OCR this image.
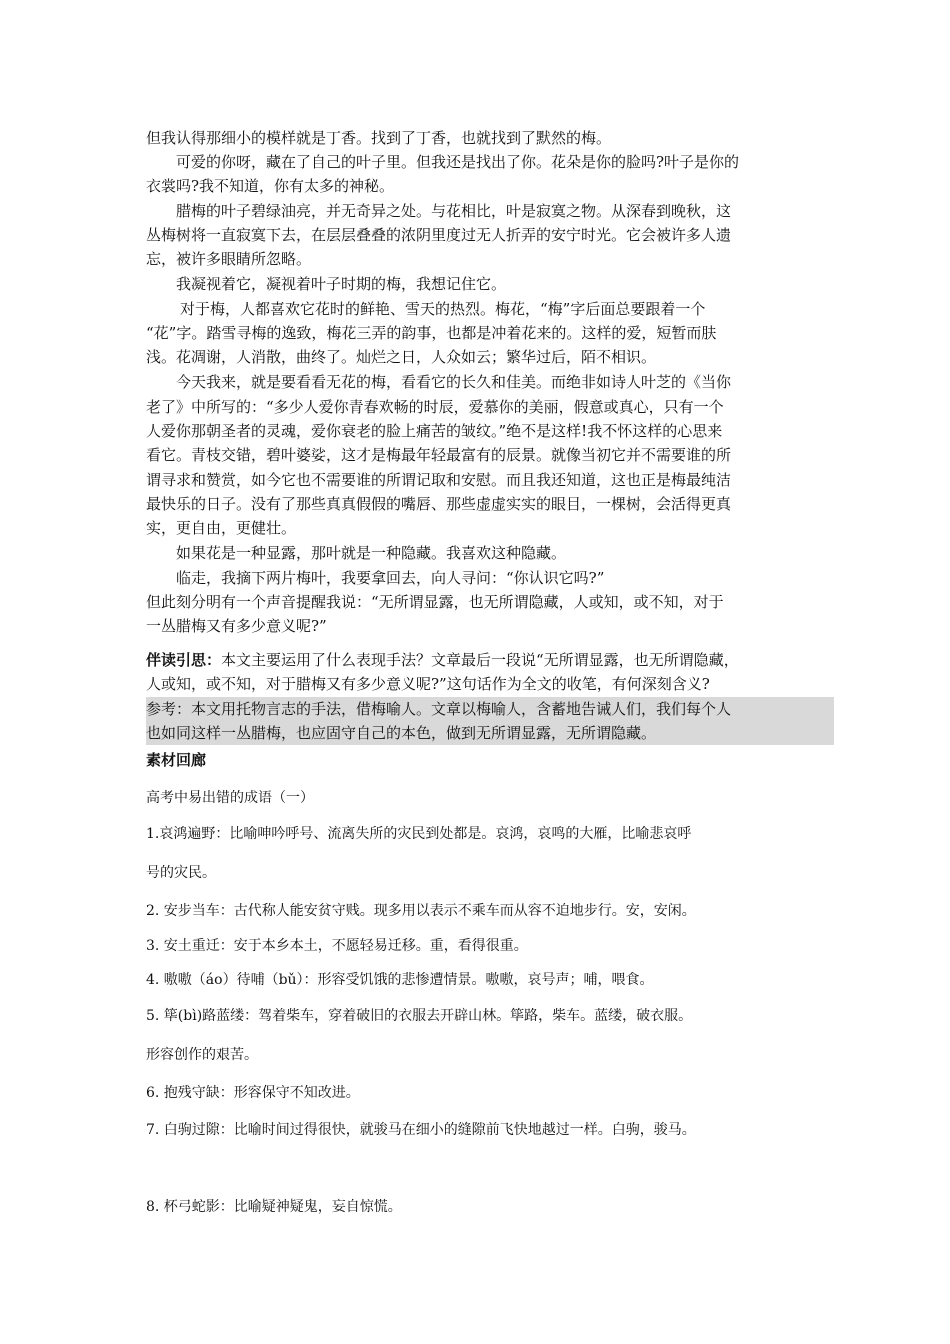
但我认得那细小的模样就是丁香。找到了丁香，也就找到了默然的梅。
可爱的你呀，藏在了自己的叶子里。但我还是找出了你。花朵是你的脸吗?叶子是你的
衣裳吗?我不知道，你有太多的神秘。
腊梅的叶子碧绿油亮，并无奇异之处。与花相比，叶是寂寞之物。从深春到晚秋，这
丛梅树将一直寂寞下去，在层层叠叠的浓阴里度过无人折弄的安宁时光。它会被许多人遗
忘，被许多眼睛所忽略。
我凝视着它，凝视着叶子时期的梅，我想记住它。
对于梅，人都喜欢它花时的鲜艳、雪天的热烈。梅花，“梅”字后面总要跟着一个
“花”字。踏雪寻梅的逸致，梅花三弄的韵事，也都是冲着花来的。这样的爱，短暂而肤
浅。花凋谢，人消散，曲终了。灿烂之日，人众如云；繁华过后，陌不相识。
今天我来，就是要看看无花的梅，看看它的长久和佳美。而绝非如诗人叶芝的《当你
老了》中所写的：“多少人爱你青春欢畅的时辰，爱慕你的美丽，假意或真心，只有一个
人爱你那朝圣者的灵魂，爱你衰老的脸上痛苦的皱纹。”绝不是这样!我不怀这样的心思来
看它。青枝交错，碧叶婆娑，这才是梅最年轻最富有的辰景。就像当初它并不需要谁的所
谓寻求和赞赏，如今它也不需要谁的所谓记取和安慰。而且我还知道，这也正是梅最纯洁
最快乐的日子。没有了那些真真假假的嘴唇、那些虚虚实实的眼目，一棵树，会活得更真
实，更自由，更健壮。
如果花是一种显露，那叶就是一种隐藏。我喜欢这种隐藏。
临走，我摘下两片梅叶，我要拿回去，向人寻问：“你认识它吗?”
但此刻分明有一个声音提醒我说：“无所谓显露，也无所谓隐藏，人或知，或不知，对于
一丛腊梅又有多少意义呢?”
伴读引思：本文主要运用了什么表现手法？文章最后一段说“无所谓显露，也无所谓隐藏，
人或知，或不知，对于腊梅又有多少意义呢?”这句话作为全文的收笔，有何深刻含义?
参考：本文用托物言志的手法，借梅喻人。文章以梅喻人，含蓄地告诫人们，我们每个人
也如同这样一丛腊梅，也应固守自己的本色，做到无所谓显露，无所谓隐藏。
素材回廊
高考中易出错的成语（一）
1.哀鸿遍野：比喻呻吟呼号、流离失所的灾民到处都是。哀鸿，哀鸣的大雁，比喻悲哀呼
号的灾民。
2. 安步当车：古代称人能安贫守贱。现多用以表示不乘车而从容不迫地步行。安，安闲。
3. 安土重迁：安于本乡本土，不愿轻易迁移。重，看得很重。
4. 嗷嗷（áo）待哺（bǔ）：形容受饥饿的悲惨遭情景。嗷嗷，哀号声；哺，喂食。
5. 筚(bì)路蓝缕：驾着柴车，穿着破旧的衣服去开辟山林。筚路，柴车。蓝缕，破衣服。
形容创作的艰苦。
6. 抱残守缺：形容保守不知改进。
7. 白驹过隙：比喻时间过得很快，就骏马在细小的缝隙前飞快地越过一样。白驹，骏马。
8. 杯弓蛇影：比喻疑神疑鬼，妄自惊慌。
